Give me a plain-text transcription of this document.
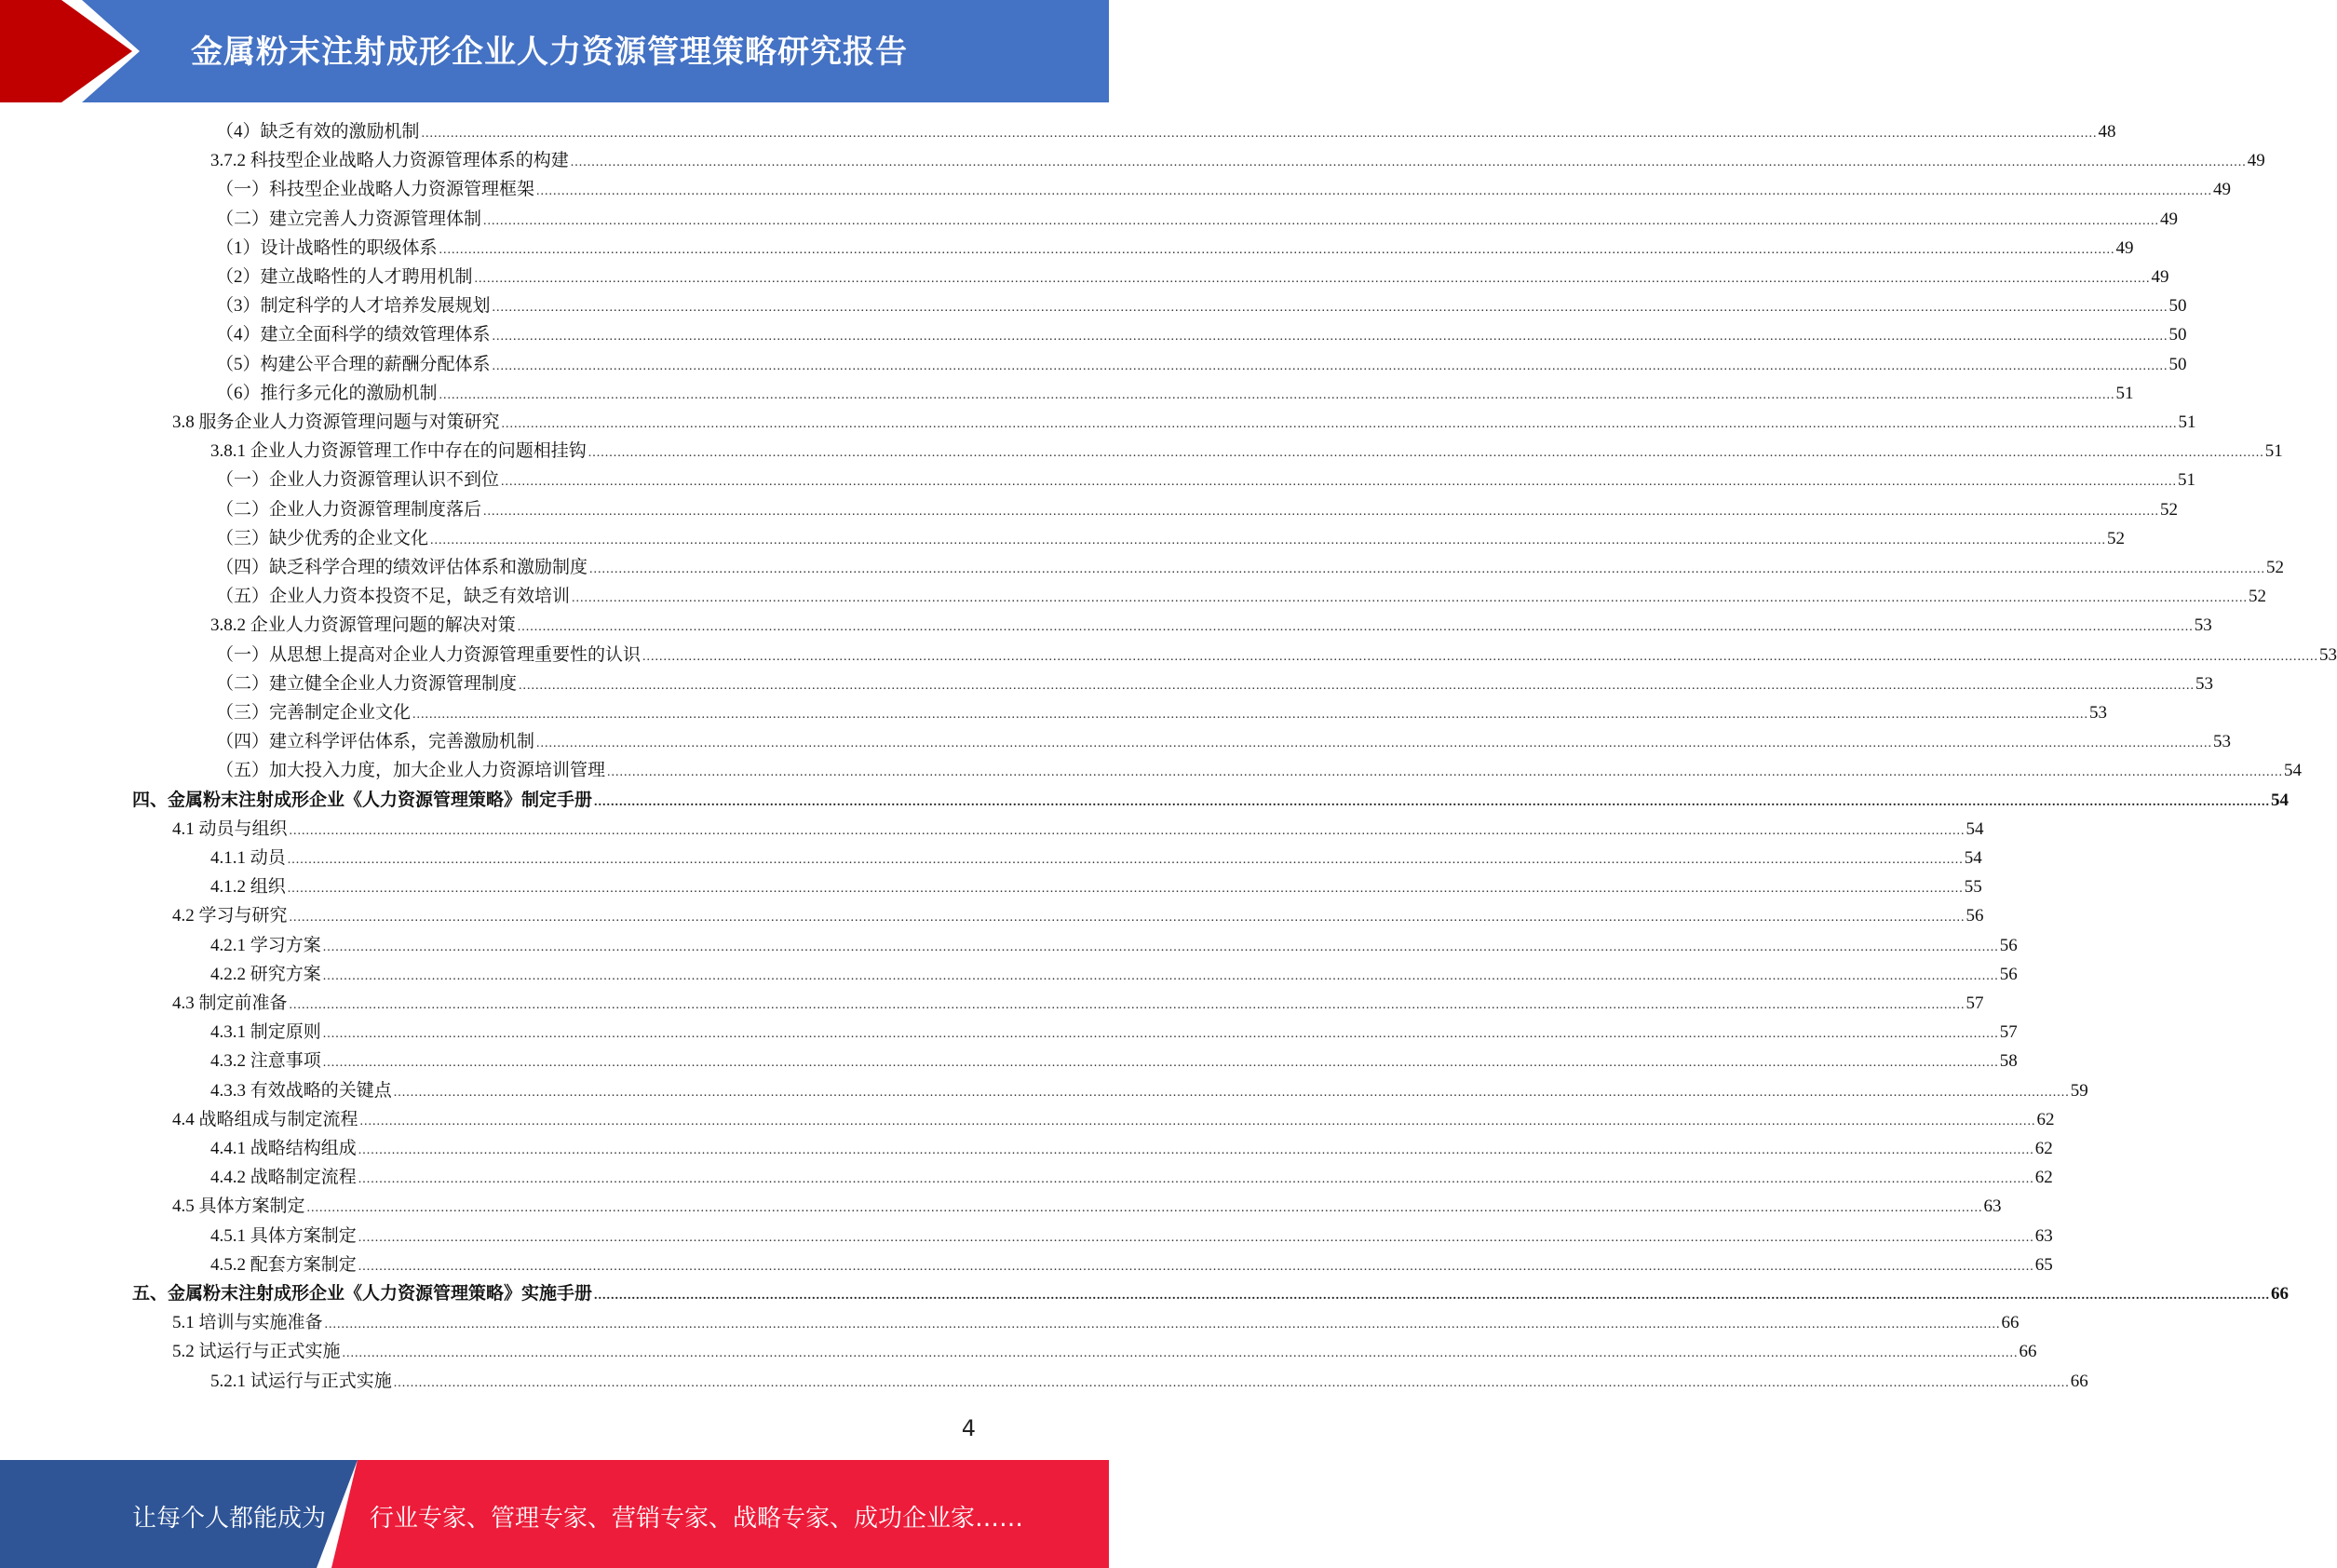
金属粉末注射成形企业人力资源管理策略研究报告
（4）缺乏有效的激励机制 ................................................................................................................................................................................................................................................................................................................................................................................................................ 48
3.7.2 科技型企业战略人力资源管理体系的构建 ................................................................................................................................................................................................................................................................................................................................................................................................................ 49
（一）科技型企业战略人力资源管理框架 ................................................................................................................................................................................................................................................................................................................................................................................................................ 49
（二）建立完善人力资源管理体制 ................................................................................................................................................................................................................................................................................................................................................................................................................ 49
（1）设计战略性的职级体系 ................................................................................................................................................................................................................................................................................................................................................................................................................ 49
（2）建立战略性的人才聘用机制 ................................................................................................................................................................................................................................................................................................................................................................................................................ 49
（3）制定科学的人才培养发展规划 ................................................................................................................................................................................................................................................................................................................................................................................................................ 50
（4）建立全面科学的绩效管理体系 ................................................................................................................................................................................................................................................................................................................................................................................................................ 50
（5）构建公平合理的薪酬分配体系 ................................................................................................................................................................................................................................................................................................................................................................................................................ 50
（6）推行多元化的激励机制 ................................................................................................................................................................................................................................................................................................................................................................................................................ 51
3.8 服务企业人力资源管理问题与对策研究 ................................................................................................................................................................................................................................................................................................................................................................................................................ 51
3.8.1 企业人力资源管理工作中存在的问题相挂钩 ................................................................................................................................................................................................................................................................................................................................................................................................................ 51
（一）企业人力资源管理认识不到位 ................................................................................................................................................................................................................................................................................................................................................................................................................ 51
（二）企业人力资源管理制度落后 ................................................................................................................................................................................................................................................................................................................................................................................................................ 52
（三）缺少优秀的企业文化 ................................................................................................................................................................................................................................................................................................................................................................................................................ 52
（四）缺乏科学合理的绩效评估体系和激励制度 ................................................................................................................................................................................................................................................................................................................................................................................................................ 52
（五）企业人力资本投资不足，缺乏有效培训 ................................................................................................................................................................................................................................................................................................................................................................................................................ 52
3.8.2 企业人力资源管理问题的解决对策 ................................................................................................................................................................................................................................................................................................................................................................................................................ 53
（一）从思想上提高对企业人力资源管理重要性的认识 ................................................................................................................................................................................................................................................................................................................................................................................................................ 53
（二）建立健全企业人力资源管理制度 ................................................................................................................................................................................................................................................................................................................................................................................................................ 53
（三）完善制定企业文化 ................................................................................................................................................................................................................................................................................................................................................................................................................ 53
（四）建立科学评估体系，完善激励机制 ................................................................................................................................................................................................................................................................................................................................................................................................................ 53
（五）加大投入力度，加大企业人力资源培训管理 ................................................................................................................................................................................................................................................................................................................................................................................................................ 54
四、金属粉末注射成形企业《人力资源管理策略》制定手册 ................................................................................................................................................................................................................................................................................................................................................................................................................ 54
4.1 动员与组织 ................................................................................................................................................................................................................................................................................................................................................................................................................ 54
4.1.1 动员 ................................................................................................................................................................................................................................................................................................................................................................................................................ 54
4.1.2 组织 ................................................................................................................................................................................................................................................................................................................................................................................................................ 55
4.2 学习与研究 ................................................................................................................................................................................................................................................................................................................................................................................................................ 56
4.2.1 学习方案 ................................................................................................................................................................................................................................................................................................................................................................................................................ 56
4.2.2 研究方案 ................................................................................................................................................................................................................................................................................................................................................................................................................ 56
4.3 制定前准备 ................................................................................................................................................................................................................................................................................................................................................................................................................ 57
4.3.1 制定原则 ................................................................................................................................................................................................................................................................................................................................................................................................................ 57
4.3.2 注意事项 ................................................................................................................................................................................................................................................................................................................................................................................................................ 58
4.3.3 有效战略的关键点 ................................................................................................................................................................................................................................................................................................................................................................................................................ 59
4.4 战略组成与制定流程 ................................................................................................................................................................................................................................................................................................................................................................................................................ 62
4.4.1 战略结构组成 ................................................................................................................................................................................................................................................................................................................................................................................................................ 62
4.4.2 战略制定流程 ................................................................................................................................................................................................................................................................................................................................................................................................................ 62
4.5 具体方案制定 ................................................................................................................................................................................................................................................................................................................................................................................................................ 63
4.5.1 具体方案制定 ................................................................................................................................................................................................................................................................................................................................................................................................................ 63
4.5.2 配套方案制定 ................................................................................................................................................................................................................................................................................................................................................................................................................ 65
五、金属粉末注射成形企业《人力资源管理策略》实施手册 ................................................................................................................................................................................................................................................................................................................................................................................................................ 66
5.1 培训与实施准备 ................................................................................................................................................................................................................................................................................................................................................................................................................ 66
5.2 试运行与正式实施 ................................................................................................................................................................................................................................................................................................................................................................................................................ 66
5.2.1 试运行与正式实施 ................................................................................................................................................................................................................................................................................................................................................................................................................ 66
4
让每个人都能成为 行业专家、管理专家、营销专家、战略专家、成功企业家……
